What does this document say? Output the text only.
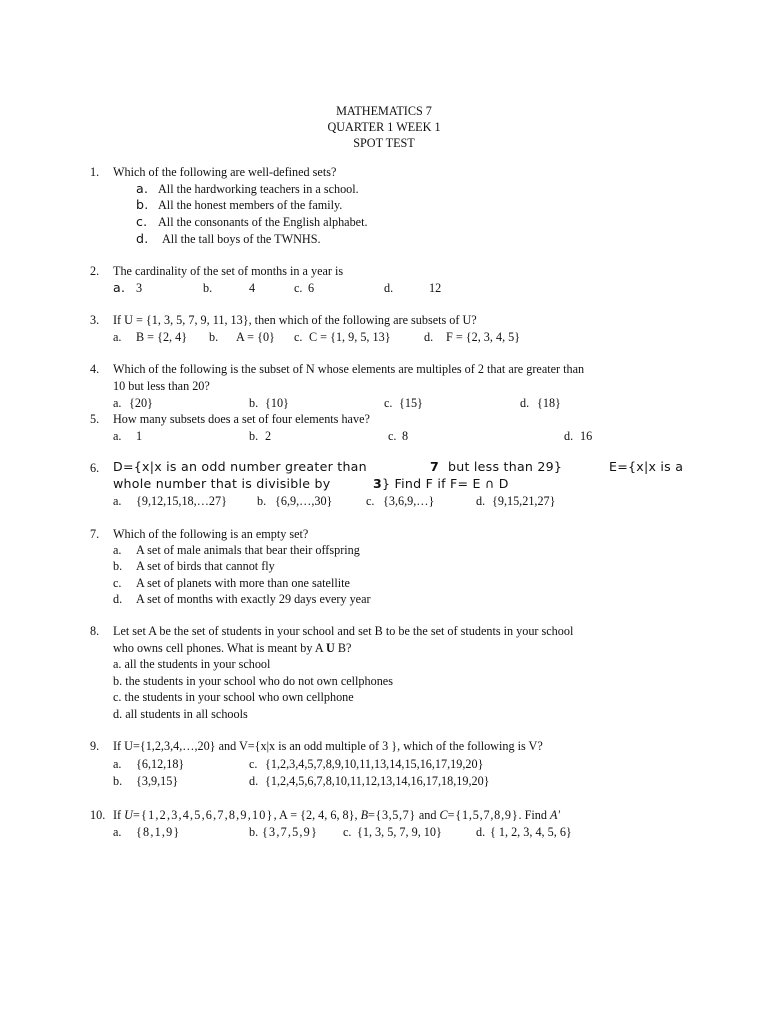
MATHEMATICS 7
QUARTER 1 WEEK 1
SPOT TEST
1. Which of the following are well-defined sets?
a. All the hardworking teachers in a school.
b. All the honest members of the family.
c. All the consonants of the English alphabet.
d. All the tall boys of the TWNHS.
2. The cardinality of the set of months in a year is
a. 3	b.	4	c. 6	d.	12
3. If U = {1, 3, 5, 7, 9, 11, 13}, then which of the following are subsets of U?
a. B = {2, 4} b. A = {0} c. C = {1, 9, 5, 13}	d. F = {2, 3, 4, 5}
4. Which of the following is the subset of N whose elements are multiples of 2 that are greater than
10 but less than 20?
a. {20}	b. {10}	c. {15}	d. {18}
5. How many subsets does a set of four elements have?
a. 1	b. 2	c. 8	d. 16
6. D={x|x is an odd number greater than	7 but less than 29}	E={x|x is a
whole number that is divisible by	3 } Find F if F= E ∩ D
a. {9,12,15,18,…27} b. {6,9,…,30}	c. {3,6,9,…}	d. {9,15,21,27}
7. Which of the following is an empty set?
a. A set of male animals that bear their offspring
b. A set of birds that cannot fly
c. A set of planets with more than one satellite
d. A set of months with exactly 29 days every year
8. Let set A be the set of students in your school and set B to be the set of students in your school
who owns cell phones. What is meant by A U B?
a. all the students in your school
b. the students in your school who do not own cellphones
c. the students in your school who own cellphone
d. all students in all schools
9. If U={1,2,3,4,…,20} and V={x|x is an odd multiple of 3 }, which of the following is V?
a. {6,12,18}	c. {1,2,3,4,5,7,8,9,10,11,13,14,15,16,17,19,20}
b. {3,9,15}	d. {1,2,4,5,6,7,8,10,11,12,13,14,16,17,18,19,20}
10. If U={1,2,3,4,5,6,7,8,9,10}, A = {2, 4, 6, 8}, B={3,5,7} and C={1,5,7,8,9}. Find A'
a. {8,1,9}	b. {3,7,5,9} c. {1, 3, 5, 7, 9, 10}	d. { 1, 2, 3, 4, 5, 6}
